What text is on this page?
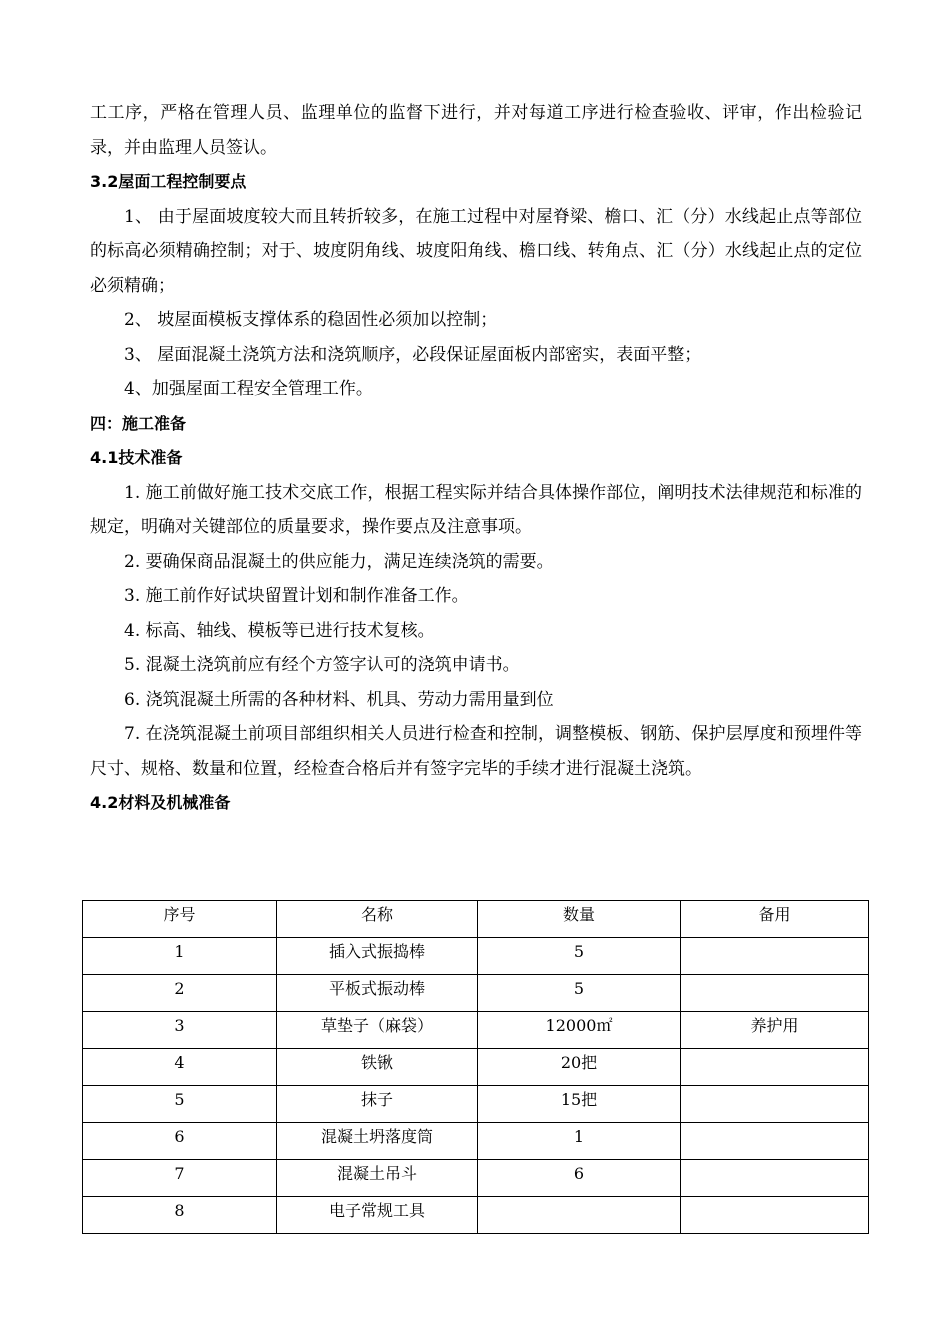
工工序，严格在管理人员、监理单位的监督下进行，并对每道工序进行检查验收、评审，作出检验记录，并由监理人员签认。

3.2屋面工程控制要点

1、 由于屋面坡度较大而且转折较多，在施工过程中对屋脊梁、檐口、汇（分）水线起止点等部位的标高必须精确控制；对于、坡度阴角线、坡度阳角线、檐口线、转角点、汇（分）水线起止点的定位必须精确；

2、 坡屋面模板支撑体系的稳固性必须加以控制；

3、 屋面混凝土浇筑方法和浇筑顺序，必段保证屋面板内部密实，表面平整；

4、加强屋面工程安全管理工作。

四：施工准备

4.1技术准备

1. 施工前做好施工技术交底工作，根据工程实际并结合具体操作部位，阐明技术法律规范和标准的规定，明确对关键部位的质量要求，操作要点及注意事项。

2. 要确保商品混凝土的供应能力，满足连续浇筑的需要。

3. 施工前作好试块留置计划和制作准备工作。

4. 标高、轴线、模板等已进行技术复核。

5. 混凝土浇筑前应有经个方签字认可的浇筑申请书。

6. 浇筑混凝土所需的各种材料、机具、劳动力需用量到位

7. 在浇筑混凝土前项目部组织相关人员进行检查和控制，调整模板、钢筋、保护层厚度和预埋件等尺寸、规格、数量和位置，经检查合格后并有签字完毕的手续才进行混凝土浇筑。

4.2材料及机械准备

序号	名称	数量	备用
1	插入式振捣棒	5	
2	平板式振动棒	5	
3	草垫子（麻袋）	12000㎡	养护用
4	铁锹	20把	
5	抹子	15把	
6	混凝土坍落度筒	1	
7	混凝土吊斗	6	
8	电子常规工具		
